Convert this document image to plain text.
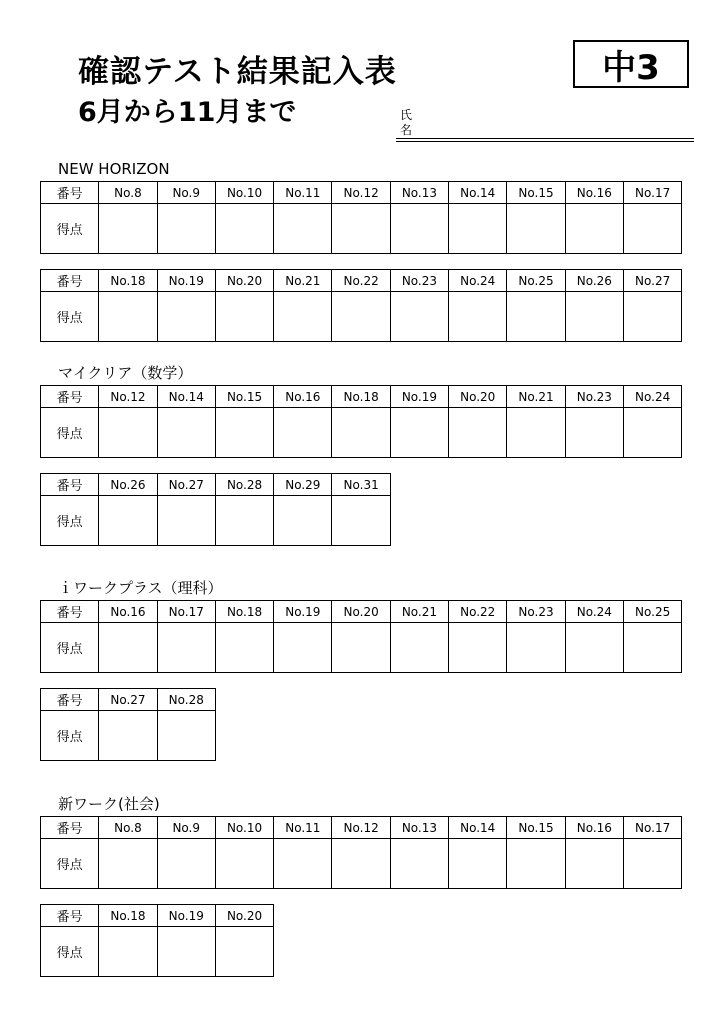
確認テスト結果記入表
6月から11月まで
中3
氏
名
NEW HORIZON
番号	No.8	No.9	No.10	No.11	No.12	No.13	No.14	No.15	No.16	No.17
得点										
番号	No.18	No.19	No.20	No.21	No.22	No.23	No.24	No.25	No.26	No.27
得点										
マイクリア（数学）
番号	No.12	No.14	No.15	No.16	No.18	No.19	No.20	No.21	No.23	No.24
得点										
番号	No.26	No.27	No.28	No.29	No.31
得点					
ｉワークプラス（理科）
番号	No.16	No.17	No.18	No.19	No.20	No.21	No.22	No.23	No.24	No.25
得点										
番号	No.27	No.28
得点		
新ワーク(社会)
番号	No.8	No.9	No.10	No.11	No.12	No.13	No.14	No.15	No.16	No.17
得点										
番号	No.18	No.19	No.20
得点			
